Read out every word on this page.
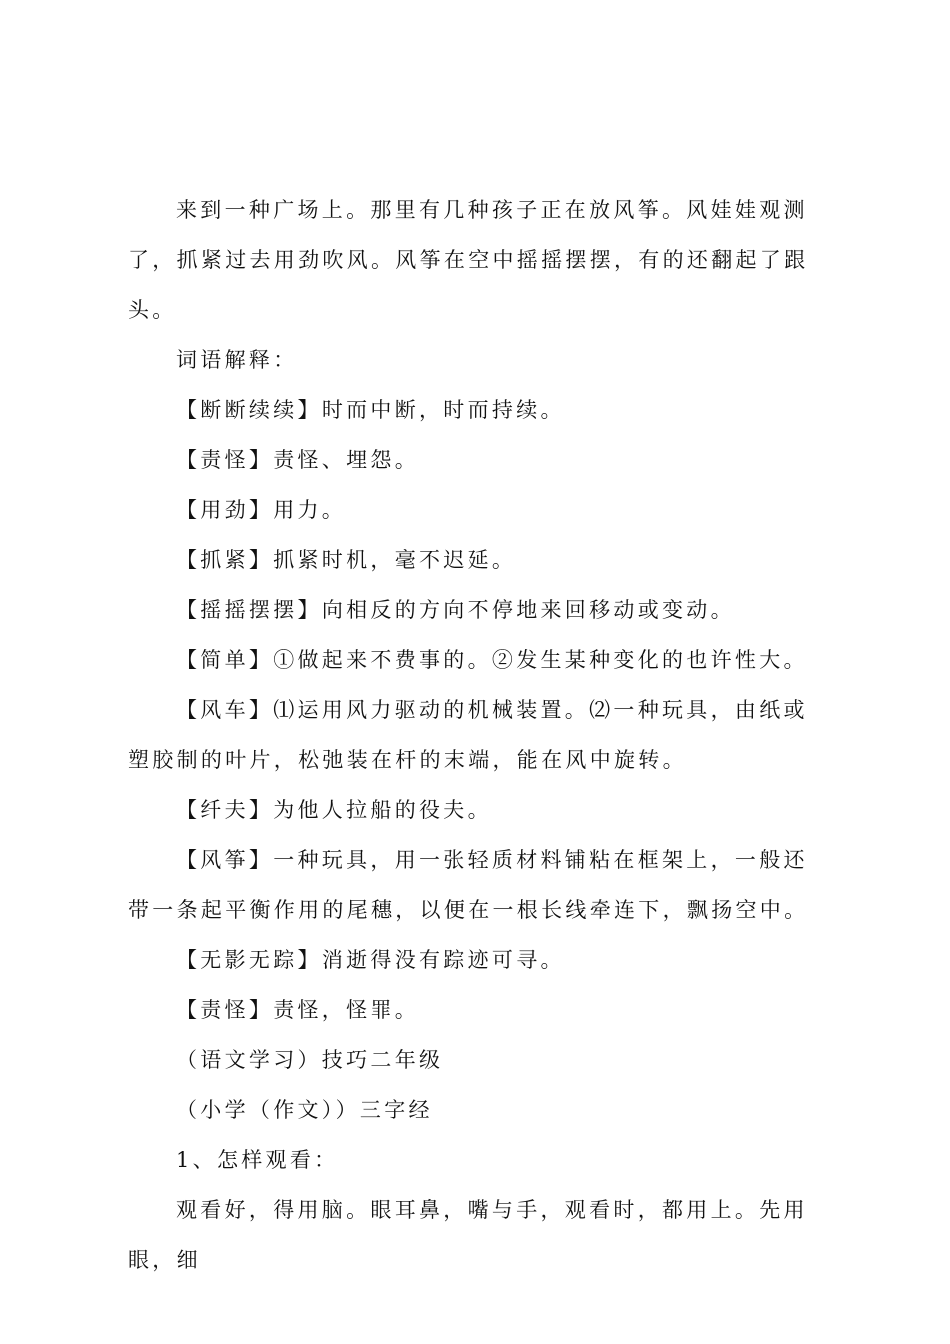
来到一种广场上。那里有几种孩子正在放风筝。风娃娃观测了，抓紧过去用劲吹风。风筝在空中摇摇摆摆，有的还翻起了跟头。

词语解释：

【断断续续】时而中断，时而持续。

【责怪】责怪、埋怨。

【用劲】用力。

【抓紧】抓紧时机，毫不迟延。

【摇摇摆摆】向相反的方向不停地来回移动或变动。

【简单】①做起来不费事的。②发生某种变化的也许性大。

【风车】⑴运用风力驱动的机械装置。⑵一种玩具，由纸或塑胶制的叶片，松弛装在杆的末端，能在风中旋转。

【纤夫】为他人拉船的役夫。

【风筝】一种玩具，用一张轻质材料铺粘在框架上，一般还带一条起平衡作用的尾穗，以便在一根长线牵连下，飘扬空中。

【无影无踪】消逝得没有踪迹可寻。

【责怪】责怪，怪罪。

（语文学习）技巧二年级

（小学（作文））三字经

1、怎样观看：

观看好，得用脑。眼耳鼻，嘴与手，观看时，都用上。先用眼，细
